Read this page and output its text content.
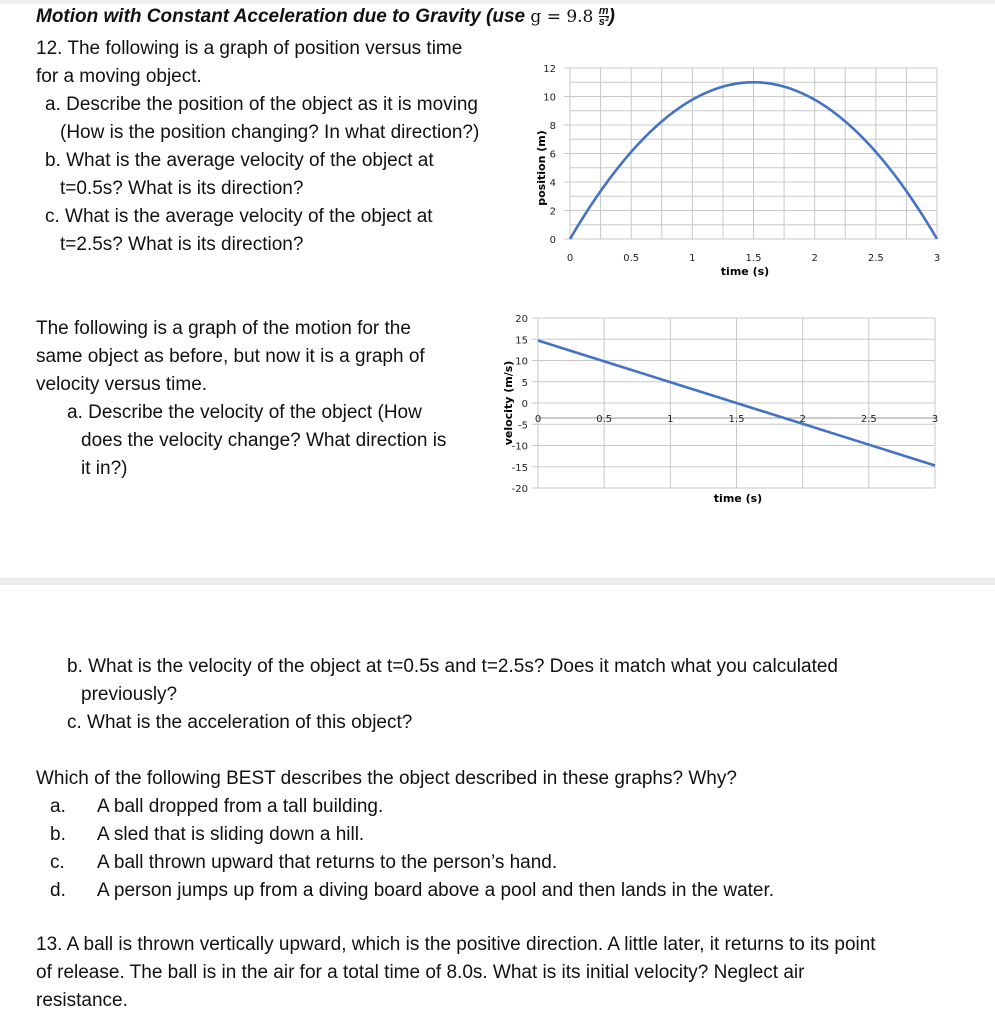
Motion with Constant Acceleration due to Gravity (use $g = 9.8 \frac{m}{\text{s²}}$ )
12. The following is a graph of position versus time
for a moving object.
a. Describe the position of the object as it is moving
(How is the position changing? In what direction?)
b. What is the average velocity of the object at
t=0.5s? What is its direction?
c. What is the average velocity of the object at
t=2.5s? What is its direction?	0
2
4
6
8
10
12
0	0.5	1	1.5	2	2.5	3
time (s)
position (m)
The following is a graph of the motion for the
same object as before, but now it is a graph of
velocity versus time.
a. Describe the velocity of the object (How
does the velocity change? What direction is
it in?)
20
15
10
5
0
-5
-10
-15
-20
0	0.5	1	1.5	2	2.5	3
time (s)
velocity (m/s)
b. What is the velocity of the object at t=0.5s and t=2.5s? Does it match what you calculated
previously?
c. What is the acceleration of this object?
Which of the following BEST describes the object described in these graphs? Why?
a. A ball dropped from a tall building.
b. A sled that is sliding down a hill.
c. A ball thrown upward that returns to the person’s hand.
d. A person jumps up from a diving board above a pool and then lands in the water.
13. A ball is thrown vertically upward, which is the positive direction. A little later, it returns to its point
of release. The ball is in the air for a total time of 8.0s. What is its initial velocity? Neglect air
resistance.
